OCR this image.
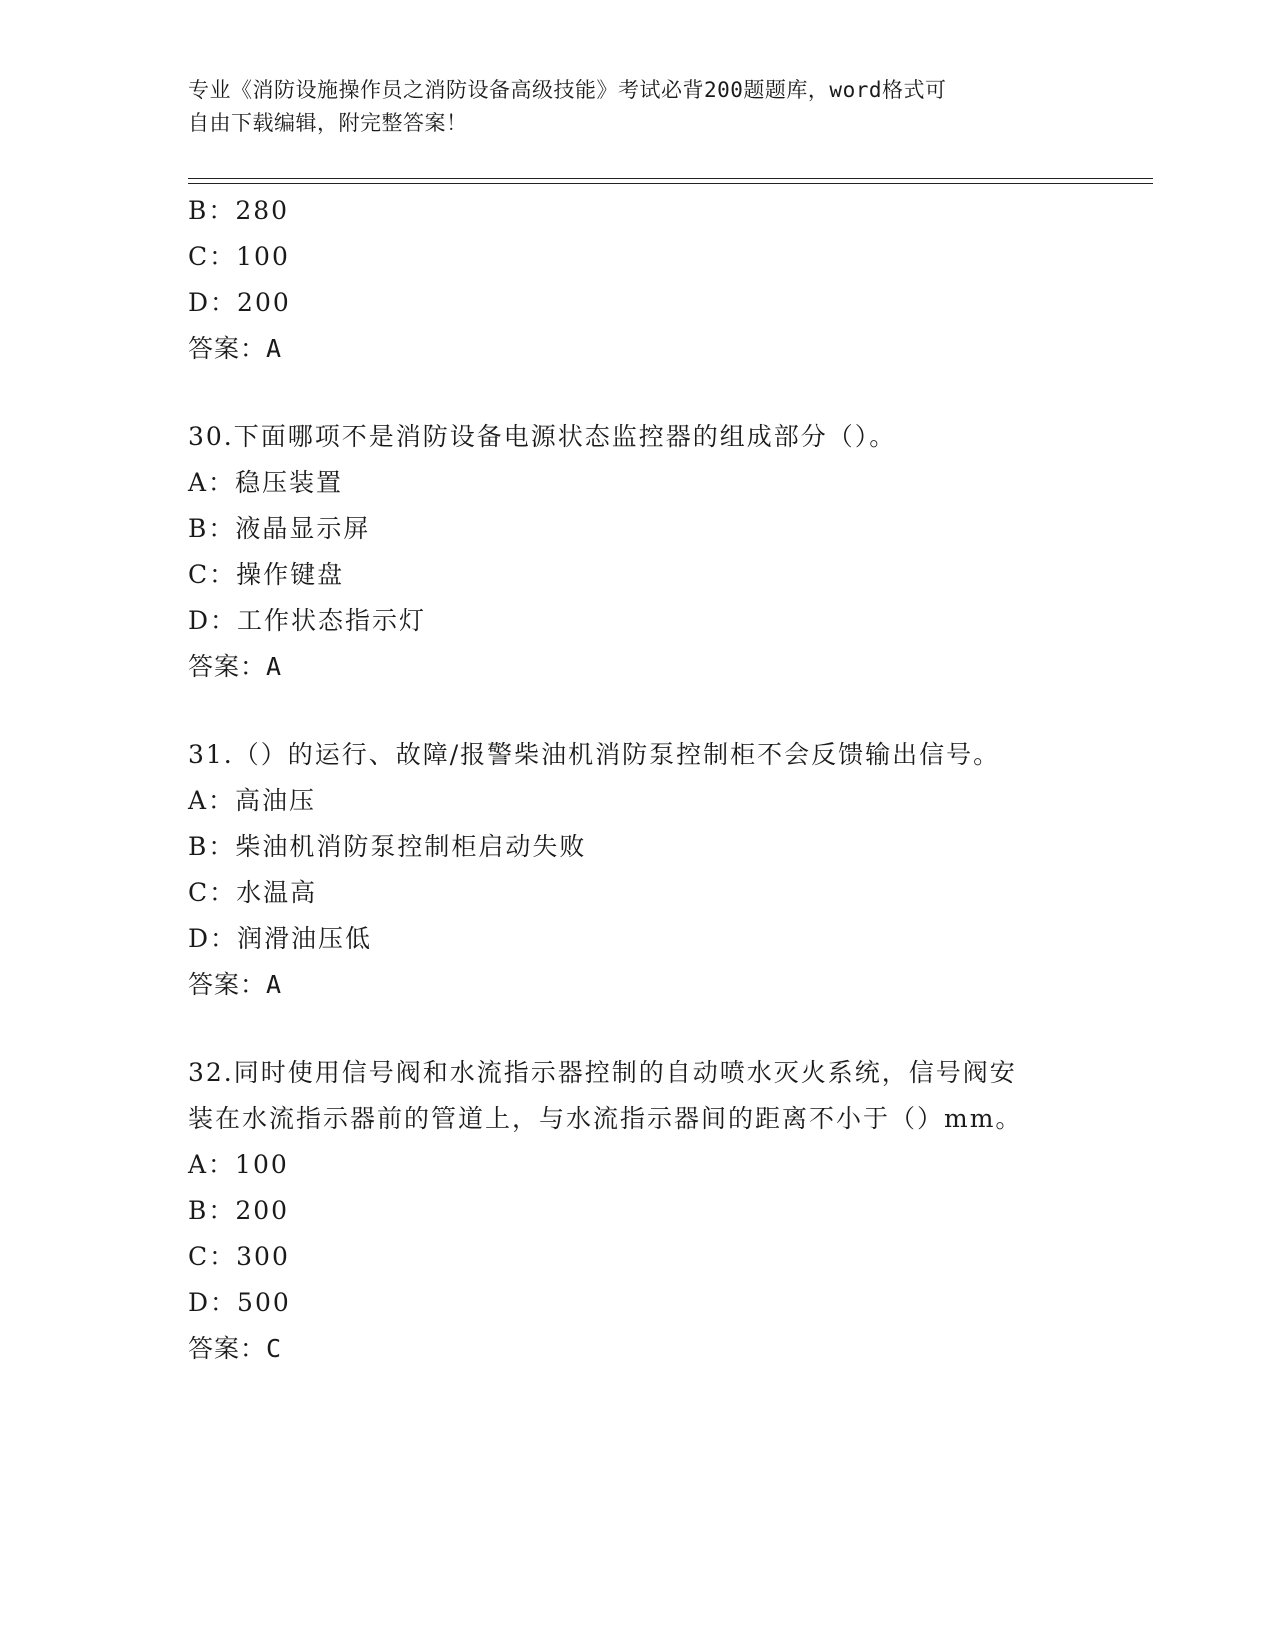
专业《消防设施操作员之消防设备高级技能》考试必背200题题库，word格式可
自由下载编辑，附完整答案！
B：280
C：100
D：200
答案：A
30.下面哪项不是消防设备电源状态监控器的组成部分（）。
A：稳压装置
B：液晶显示屏
C：操作键盘
D：工作状态指示灯
答案：A
31.（）的运行、故障/报警柴油机消防泵控制柜不会反馈输出信号。
A：高油压
B：柴油机消防泵控制柜启动失败
C：水温高
D：润滑油压低
答案：A
32.同时使用信号阀和水流指示器控制的自动喷水灭火系统，信号阀安
装在水流指示器前的管道上，与水流指示器间的距离不小于（）mm。
A：100
B：200
C：300
D：500
答案：C
